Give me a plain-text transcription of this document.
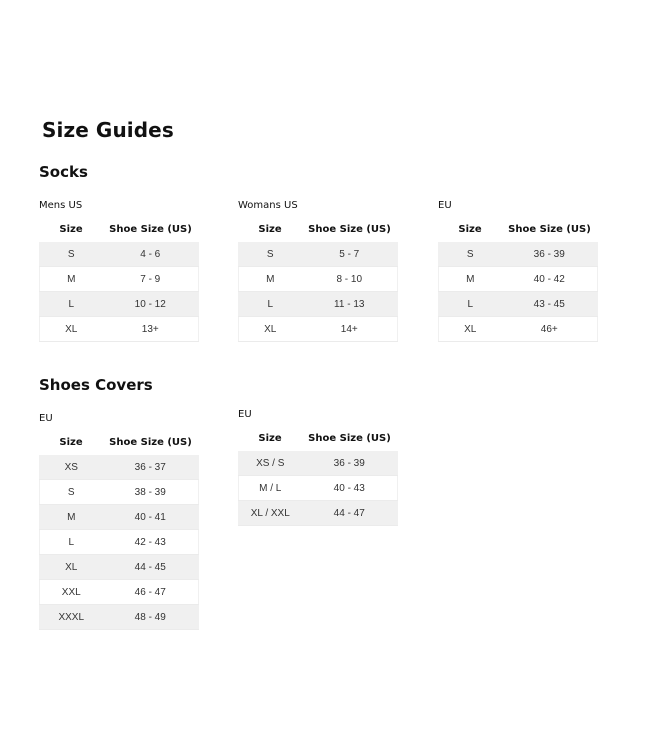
Size Guides
Socks
Mens US
Size	Shoe Size (US)
S	4 - 6
M	7 - 9
L	10 - 12
XL	13+
Womans US
Size	Shoe Size (US)
S	5 - 7
M	8 - 10
L	11 - 13
XL	14+
EU
Size	Shoe Size (US)
S	36 - 39
M	40 - 42
L	43 - 45
XL	46+
Shoes Covers
EU
Size	Shoe Size (US)
XS	36 - 37
S	38 - 39
M	40 - 41
L	42 - 43
XL	44 - 45
XXL	46 - 47
XXXL	48 - 49
EU
Size	Shoe Size (US)
XS / S	36 - 39
M / L	40 - 43
XL / XXL	44 - 47
